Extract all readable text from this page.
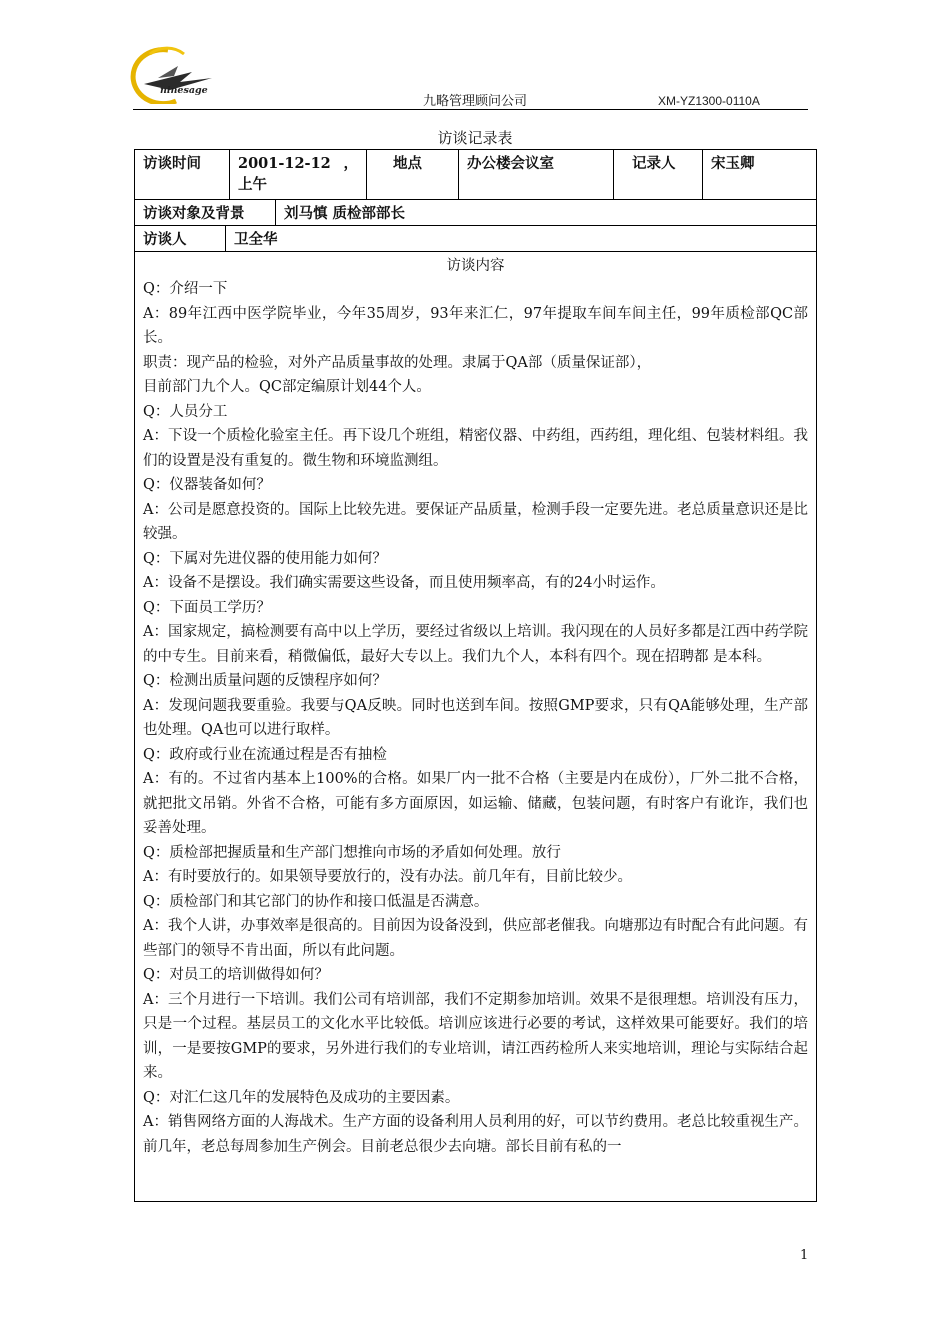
ninesage
九略管理顾问公司	XM-YZ1300-0110A
访谈记录表
访谈时间	2001-12-12 ， 上午	地点	办公楼会议室	记录人	宋玉卿

访谈对象及背景	刘马慎 质检部部长

访谈人	卫全华

访谈内容

Q：介绍一下

A：89年江西中医学院毕业，今年35周岁，93年来汇仁，97年提取车间车间主任，99年质检部QC部长。

职责：现产品的检验，对外产品质量事故的处理。隶属于QA部（质量保证部），

目前部门九个人。QC部定编原计划44个人。

Q：人员分工

A：下设一个质检化验室主任。再下设几个班组，精密仪器、中药组，西药组，理化组、包装材料组。我们的设置是没有重复的。微生物和环境监测组。

Q：仪器装备如何？

A：公司是愿意投资的。国际上比较先进。要保证产品质量，检测手段一定要先进。老总质量意识还是比较强。

Q：下属对先进仪器的使用能力如何？

A：设备不是摆设。我们确实需要这些设备，而且使用频率高，有的24小时运作。

Q：下面员工学历？

A：国家规定，搞检测要有高中以上学历，要经过省级以上培训。我闪现在的人员好多都是江西中药学院的中专生。目前来看，稍微偏低，最好大专以上。我们九个人，本科有四个。现在招聘都 是本科。

Q：检测出质量问题的反馈程序如何？

A：发现问题我要重验。我要与QA反映。同时也送到车间。按照GMP要求，只有QA能够处理，生产部也处理。QA也可以进行取样。

Q：政府或行业在流通过程是否有抽检

A：有的。不过省内基本上100%的合格。如果厂内一批不合格（主要是内在成份），厂外二批不合格，就把批文吊销。外省不合格，可能有多方面原因，如运输、储藏，包装问题，有时客户有讹诈，我们也妥善处理。

Q：质检部把握质量和生产部门想推向市场的矛盾如何处理。放行

A：有时要放行的。如果领导要放行的，没有办法。前几年有，目前比较少。

Q：质检部门和其它部门的协作和接口低温是否满意。

A：我个人讲，办事效率是很高的。目前因为设备没到，供应部老催我。向塘那边有时配合有此问题。有些部门的领导不肯出面，所以有此问题。

Q：对员工的培训做得如何？

A：三个月进行一下培训。我们公司有培训部，我们不定期参加培训。效果不是很理想。培训没有压力，只是一个过程。基层员工的文化水平比较低。培训应该进行必要的考试，这样效果可能要好。我们的培训，一是要按GMP的要求，另外进行我们的专业培训，请江西药检所人来实地培训，理论与实际结合起来。

Q：对汇仁这几年的发展特色及成功的主要因素。

A：销售网络方面的人海战术。生产方面的设备利用人员利用的好，可以节约费用。老总比较重视生产。前几年，老总每周参加生产例会。目前老总很少去向塘。部长目前有私的一

1
